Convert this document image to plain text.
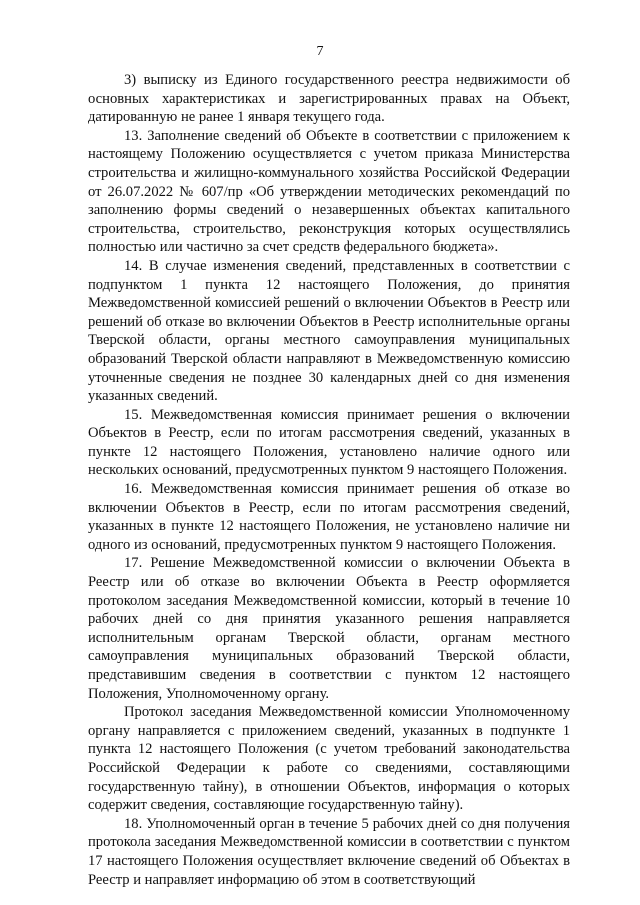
7

3) выписку из Единого государственного реестра недвижимости об основных характеристиках и зарегистрированных правах на Объект, датированную не ранее 1 января текущего года.

13. Заполнение сведений об Объекте в соответствии с приложением к настоящему Положению осуществляется с учетом приказа Министерства строительства и жилищно-коммунального хозяйства Российской Федерации от 26.07.2022 № 607/пр «Об утверждении методических рекомендаций по заполнению формы сведений о незавершенных объектах капитального строительства, строительство, реконструкция которых осуществлялись полностью или частично за счет средств федерального бюджета».

14. В случае изменения сведений, представленных в соответствии с подпунктом 1 пункта 12 настоящего Положения, до принятия Межведомственной комиссией решений о включении Объектов в Реестр или решений об отказе во включении Объектов в Реестр исполнительные органы Тверской области, органы местного самоуправления муниципальных образований Тверской области направляют в Межведомственную комиссию уточненные сведения не позднее 30 календарных дней со дня изменения указанных сведений.

15. Межведомственная комиссия принимает решения о включении Объектов в Реестр, если по итогам рассмотрения сведений, указанных в пункте 12 настоящего Положения, установлено наличие одного или нескольких оснований, предусмотренных пунктом 9 настоящего Положения.

16. Межведомственная комиссия принимает решения об отказе во включении Объектов в Реестр, если по итогам рассмотрения сведений, указанных в пункте 12 настоящего Положения, не установлено наличие ни одного из оснований, предусмотренных пунктом 9 настоящего Положения.

17. Решение Межведомственной комиссии о включении Объекта в Реестр или об отказе во включении Объекта в Реестр оформляется протоколом заседания Межведомственной комиссии, который в течение 10 рабочих дней со дня принятия указанного решения направляется исполнительным органам Тверской области, органам местного самоуправления муниципальных образований Тверской области, представившим сведения в соответствии с пунктом 12 настоящего Положения, Уполномоченному органу.

Протокол заседания Межведомственной комиссии Уполномоченному органу направляется с приложением сведений, указанных в подпункте 1 пункта 12 настоящего Положения (с учетом требований законодательства Российской Федерации к работе со сведениями, составляющими государственную тайну), в отношении Объектов, информация о которых содержит сведения, составляющие государственную тайну).

18. Уполномоченный орган в течение 5 рабочих дней со дня получения протокола заседания Межведомственной комиссии в соответствии с пунктом 17 настоящего Положения осуществляет включение сведений об Объектах в Реестр и направляет информацию об этом в соответствующий
